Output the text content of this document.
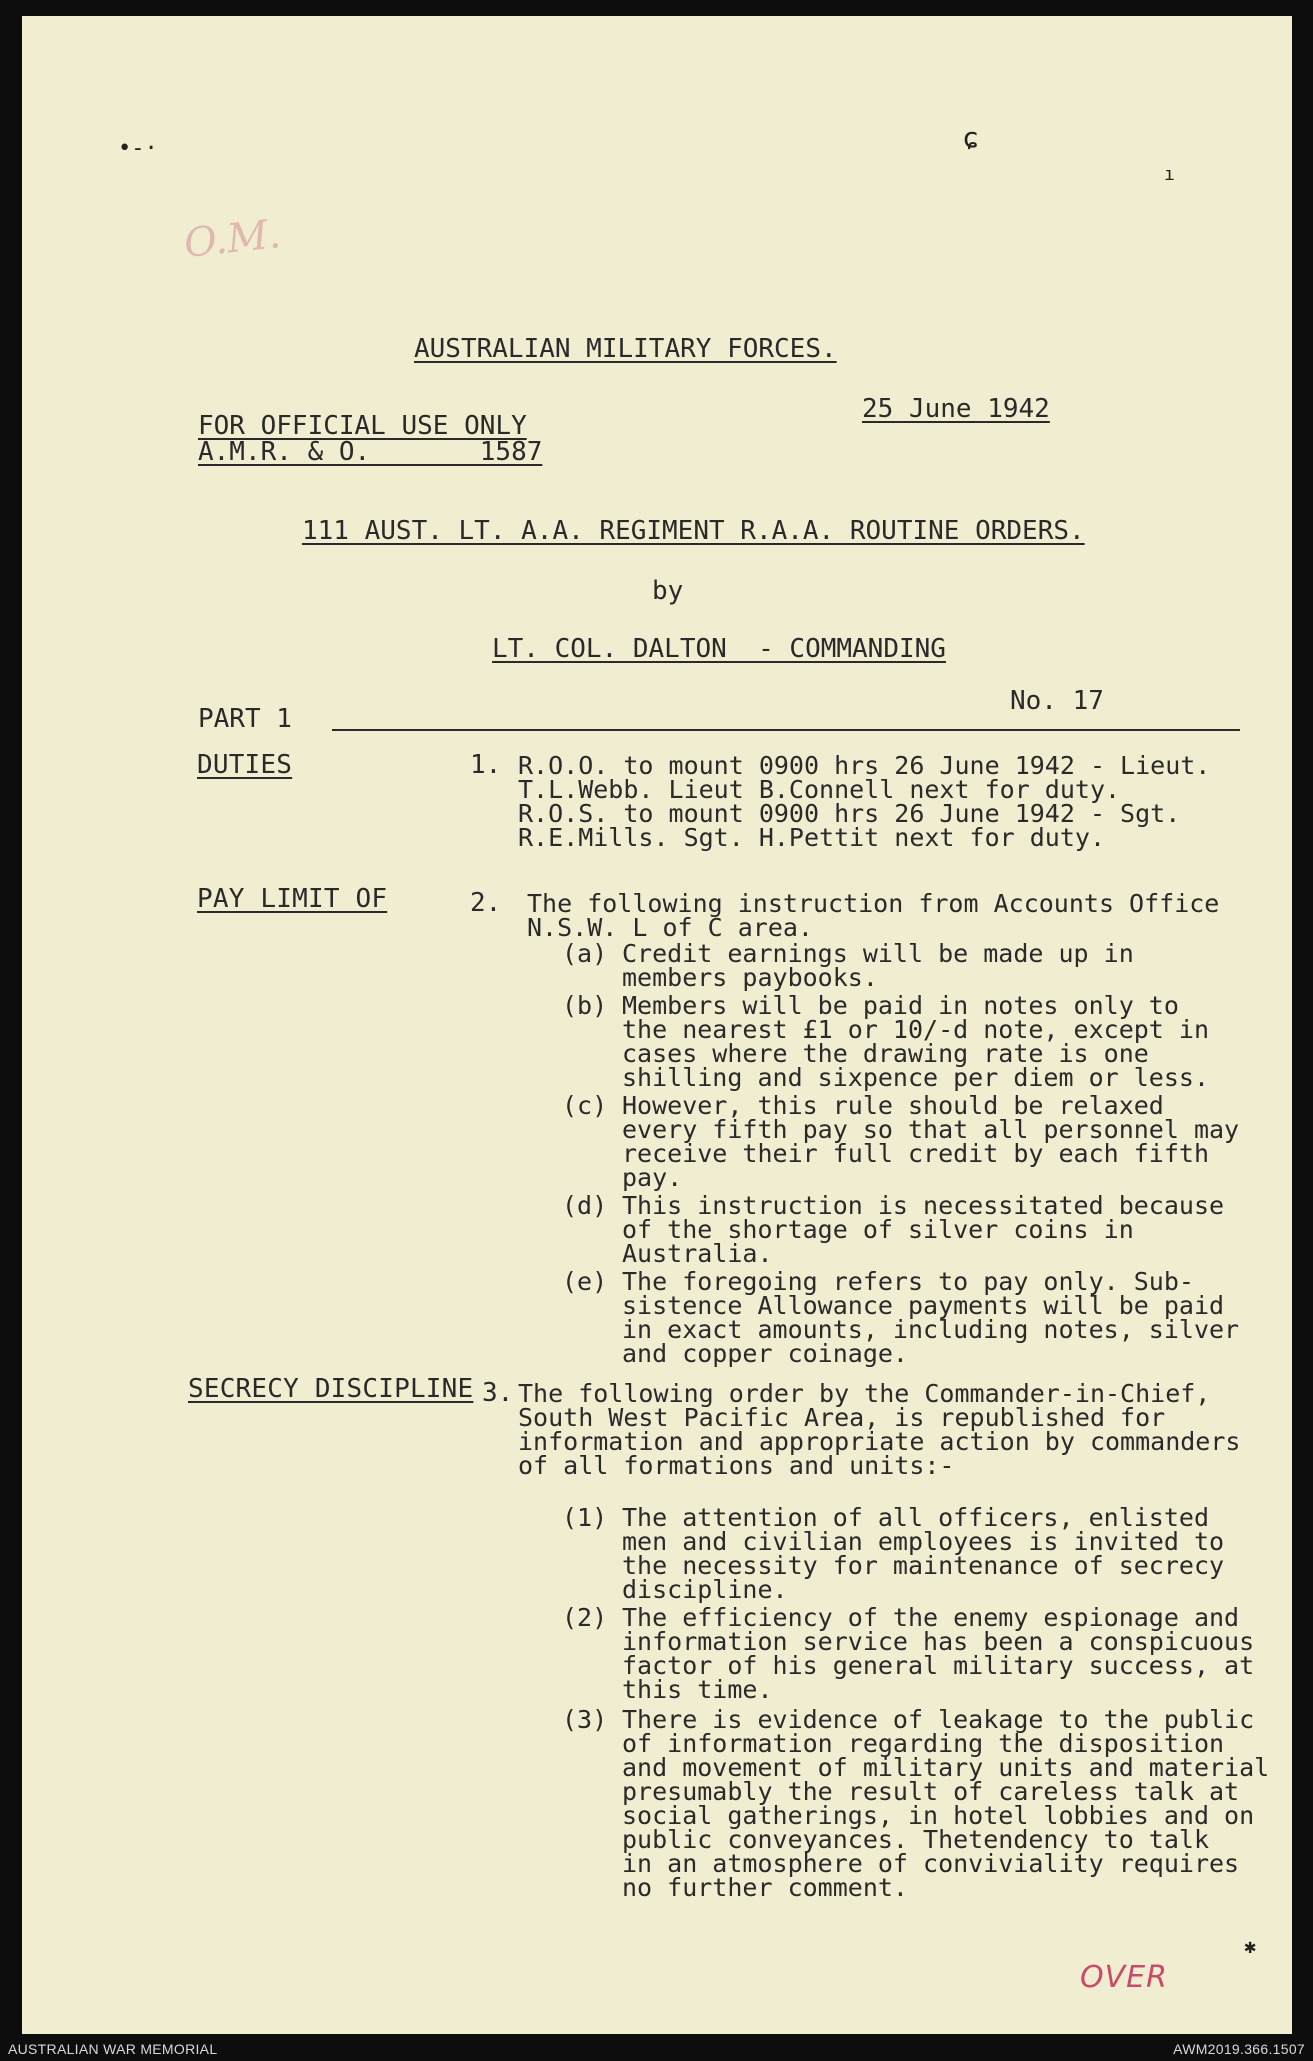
•-·	ɕ
ı
O.M.
AUSTRALIAN MILITARY FORCES.
25 June 1942
FOR OFFICIAL USE ONLY
A.M.R. & O.       1587
111 AUST. LT. A.A. REGIMENT R.A.A. ROUTINE ORDERS.
by
LT. COL. DALTON  - COMMANDING
PART 1
No. 17
DUTIES	1. R.O.O. to mount 0900 hrs 26 June 1942 - Lieut.
T.L.Webb. Lieut B.Connell next for duty.
R.O.S. to mount 0900 hrs 26 June 1942 - Sgt.
R.E.Mills. Sgt. H.Pettit next for duty.
PAY LIMIT OF	2. The following instruction from Accounts Office
N.S.W. L of C area.
(a) Credit earnings will be made up in
members paybooks.
(b) Members will be paid in notes only to
the nearest £1 or 10/-d note, except in
cases where the drawing rate is one
shilling and sixpence per diem or less.
(c) However, this rule should be relaxed
every fifth pay so that all personnel may
receive their full credit by each fifth
pay.
(d) This instruction is necessitated because
of the shortage of silver coins in
Australia.
(e) The foregoing refers to pay only. Sub-
sistence Allowance payments will be paid
in exact amounts, including notes, silver
and copper coinage.
SECRECY DISCIPLINE 3. The following order by the Commander-in-Chief,
South West Pacific Area, is republished for
information and appropriate action by commanders
of all formations and units:-
(1) The attention of all officers, enlisted
men and civilian employees is invited to
the necessity for maintenance of secrecy
discipline.
(2) The efficiency of the enemy espionage and
information service has been a conspicuous
factor of his general military success, at
this time.
(3) There is evidence of leakage to the public
of information regarding the disposition
and movement of military units and material
presumably the result of careless talk at
social gatherings, in hotel lobbies and on
public conveyances. Thetendency to talk
in an atmosphere of conviviality requires
no further comment.
✱
OVER
AUSTRALIAN WAR MEMORIAL	AWM2019.366.1507
